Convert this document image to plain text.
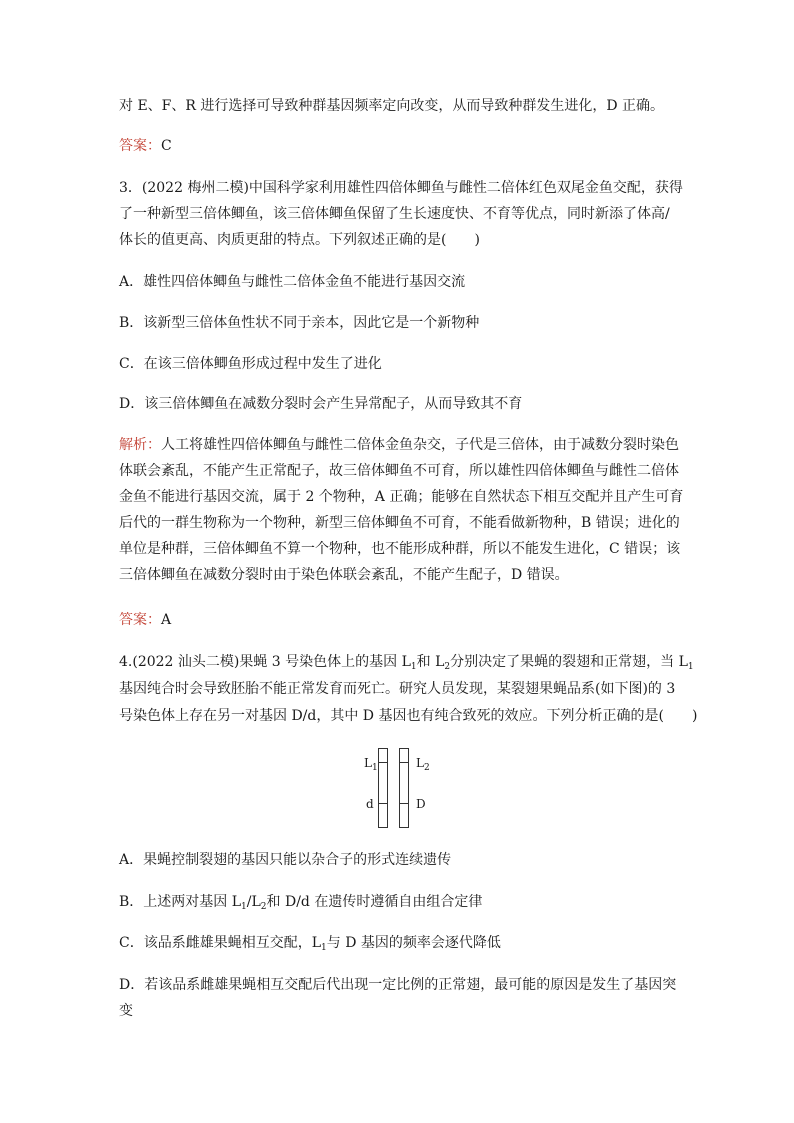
对 E、F、R 进行选择可导致种群基因频率定向改变，从而导致种群发生进化，D 正确。
答案：C
3．(2022 梅州二模)中国科学家利用雄性四倍体鲫鱼与雌性二倍体红色双尾金鱼交配，获得
了一种新型三倍体鲫鱼，该三倍体鲫鱼保留了生长速度快、不育等优点，同时新添了体高/
体长的值更高、肉质更甜的特点。下列叙述正确的是(　　)
A．雄性四倍体鲫鱼与雌性二倍体金鱼不能进行基因交流
B．该新型三倍体鱼性状不同于亲本，因此它是一个新物种
C．在该三倍体鲫鱼形成过程中发生了进化
D．该三倍体鲫鱼在减数分裂时会产生异常配子，从而导致其不育
解析：人工将雄性四倍体鲫鱼与雌性二倍体金鱼杂交，子代是三倍体，由于减数分裂时染色
体联会紊乱，不能产生正常配子，故三倍体鲫鱼不可育，所以雄性四倍体鲫鱼与雌性二倍体
金鱼不能进行基因交流，属于 2 个物种，A 正确；能够在自然状态下相互交配并且产生可育
后代的一群生物称为一个物种，新型三倍体鲫鱼不可育，不能看做新物种，B 错误；进化的
单位是种群，三倍体鲫鱼不算一个物种，也不能形成种群，所以不能发生进化，C 错误；该
三倍体鲫鱼在减数分裂时由于染色体联会紊乱，不能产生配子，D 错误。
答案：A
4.(2022 汕头二模)果蝇 3 号染色体上的基因 $L_1$和 $L_2$分别决定了果蝇的裂翅和正常翅，当 $L_1$
基因纯合时会导致胚胎不能正常发育而死亡。研究人员发现，某裂翅果蝇品系(如下图)的 3
号染色体上存在另一对基因 D/d，其中 D 基因也有纯合致死的效应。下列分析正确的是(　　)
$L_1$	$L_2$
d	D
A．果蝇控制裂翅的基因只能以杂合子的形式连续遗传
B．上述两对基因 $L_1/L_2$和 D/d 在遗传时遵循自由组合定律
C．该品系雌雄果蝇相互交配，$L_1$与 D 基因的频率会逐代降低
D．若该品系雌雄果蝇相互交配后代出现一定比例的正常翅，最可能的原因是发生了基因突
变
